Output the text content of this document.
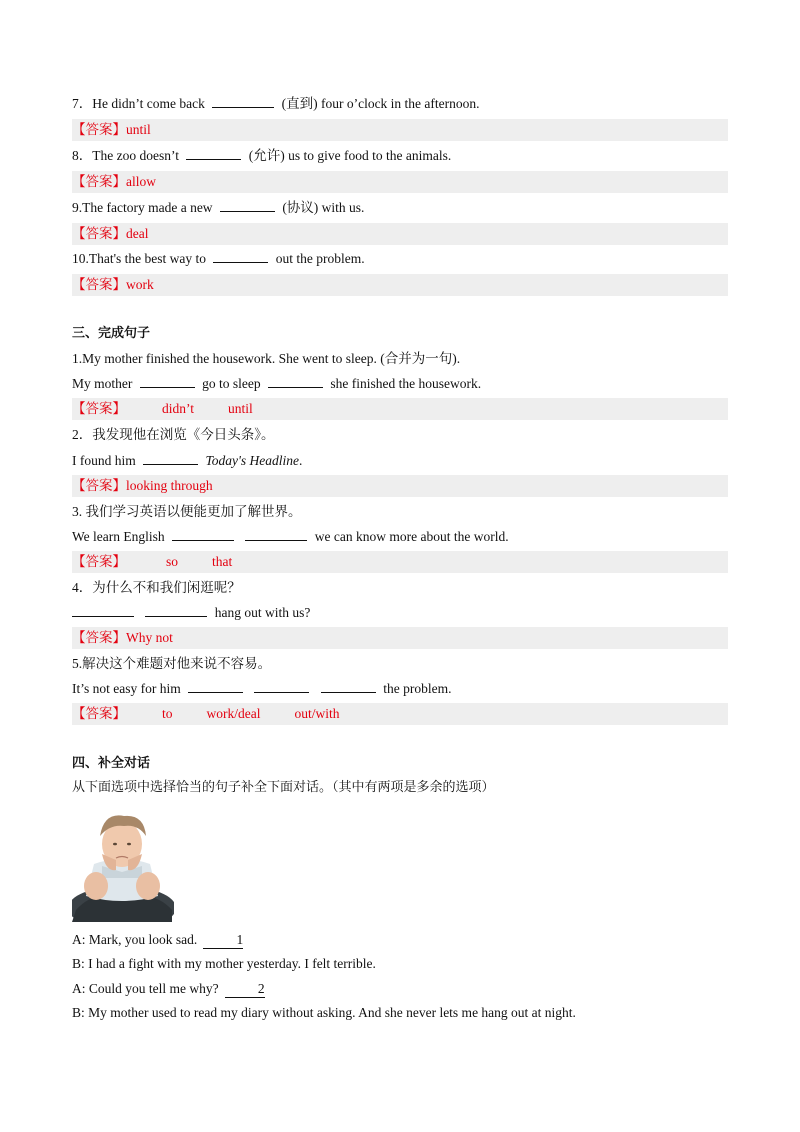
7．He didn’t come back	(直到) four o’clock in the afternoon.
【答案】until
8．The zoo doesn’t	(允许) us to give food to the animals.
【答案】allow
9.The factory made a new	(协议) with us.
【答案】deal
10.That's the best way to	out the problem.
【答案】work
三、完成句子
1.My mother finished the housework. She went to sleep. (合并为一句).
My mother	go to sleep	she finished the housework.
【答案】	didn’t	until
2．我发现他在浏览《今日头条》。
I found him	Today's Headline.
【答案】looking through
3. 我们学习英语以便能更加了解世界。
We learn English	we can know more about the world.
【答案】	so	that
4．为什么不和我们闲逛呢？
hang out with us?
【答案】Why not
5.解决这个难题对他来说不容易。
It’s not easy for him	the problem.
【答案】	to	work/deal	out/with
四、补全对话
从下面选项中选择恰当的句子补全下面对话。（其中有两项是多余的选项）
A: Mark, you look sad.	1
B: I had a fight with my mother yesterday. I felt terrible.
A: Could you tell me why?	2
B: My mother used to read my diary without asking. And she never lets me hang out at night.
